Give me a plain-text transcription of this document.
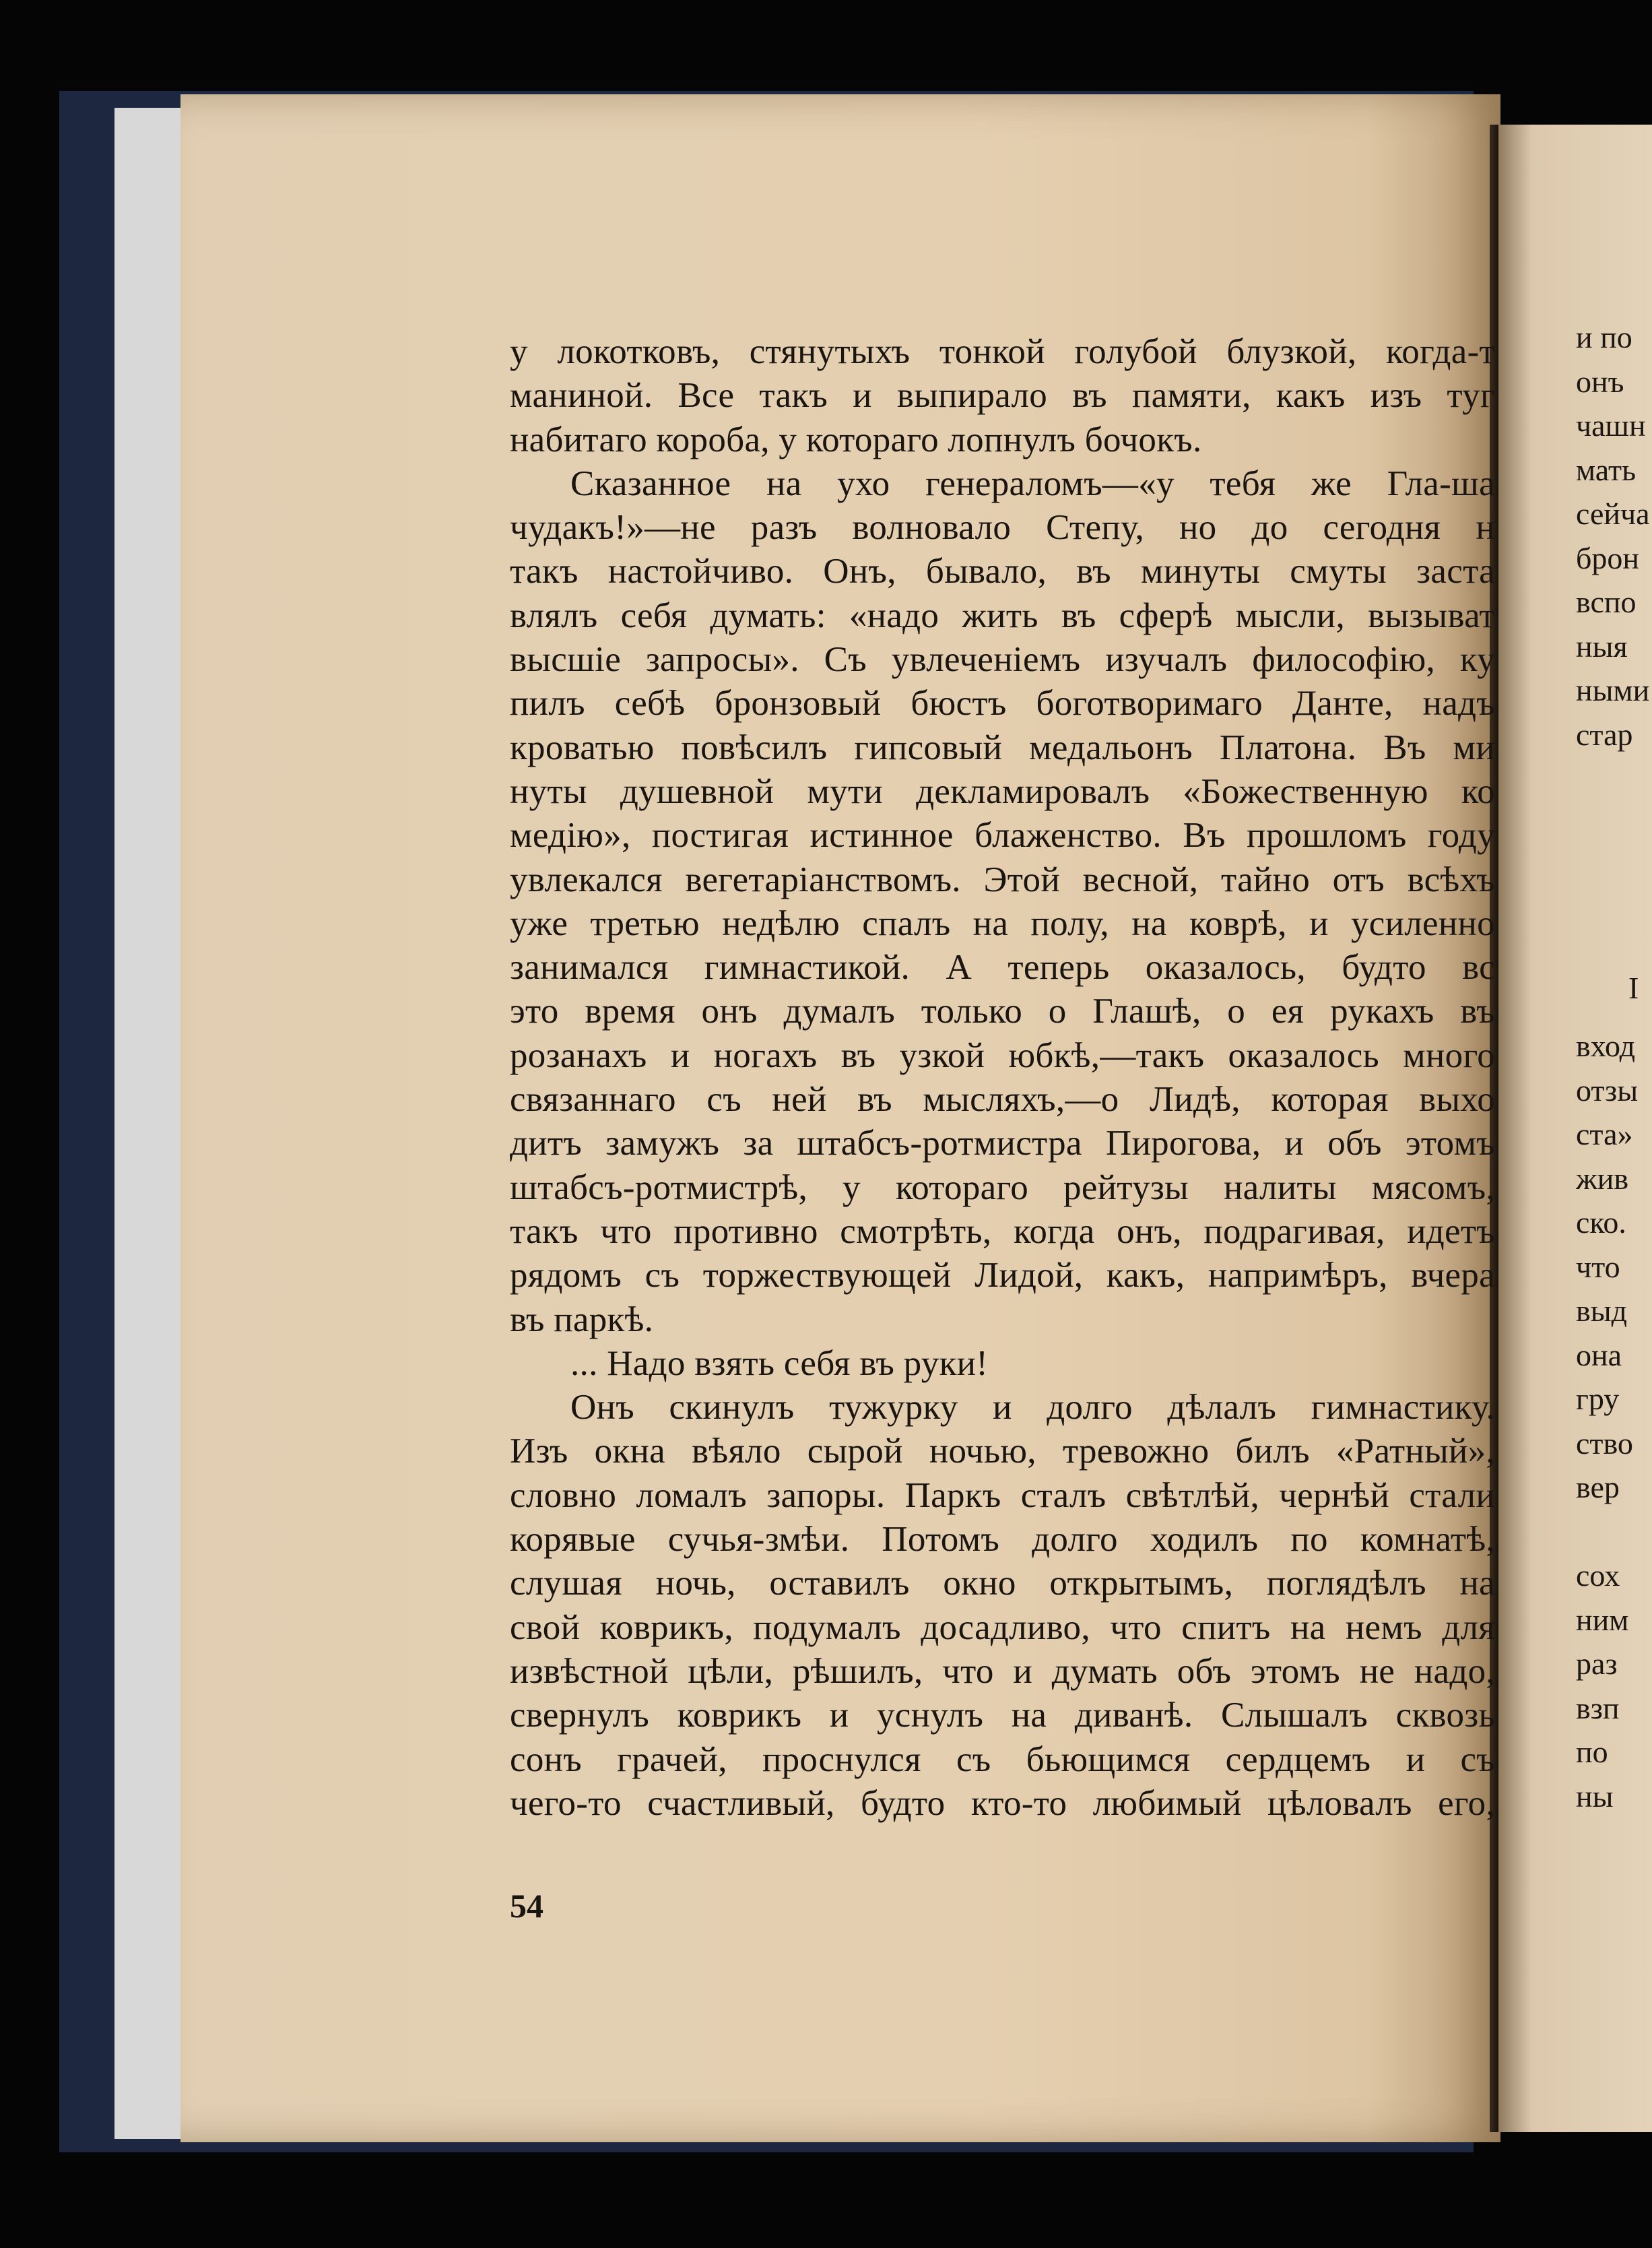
у локотковъ, стянутыхъ тонкой голубой блузкой, когда-т
маниной. Все такъ и выпирало въ памяти, какъ изъ туг
набитаго короба, у котораго лопнулъ бочокъ.
Сказанное на ухо генераломъ—«у тебя же Гла-ша
чудакъ!»—не разъ волновало Степу, но до сегодня н
такъ настойчиво. Онъ, бывало, въ минуты смуты заста
влялъ себя думать: «надо жить въ сферѣ мысли, вызыват
высшіе запросы». Съ увлеченіемъ изучалъ философію, ку
пилъ себѣ бронзовый бюстъ боготворимаго Данте, надъ
кроватью повѣсилъ гипсовый медальонъ Платона. Въ ми
нуты душевной мути декламировалъ «Божественную ко
медію», постигая истинное блаженство. Въ прошломъ году
увлекался вегетаріанствомъ. Этой весной, тайно отъ всѣхъ
уже третью недѣлю спалъ на полу, на коврѣ, и усиленно
занимался гимнастикой. А теперь оказалось, будто вс
это время онъ думалъ только о Глашѣ, о ея рукахъ въ
розанахъ и ногахъ въ узкой юбкѣ,—такъ оказалось много
связаннаго съ ней въ мысляхъ,—о Лидѣ, которая выхо
дитъ замужъ за штабсъ-ротмистра Пирогова, и объ этомъ
штабсъ-ротмистрѣ, у котораго рейтузы налиты мясомъ,
такъ что противно смотрѣть, когда онъ, подрагивая, идетъ
рядомъ съ торжествующей Лидой, какъ, напримѣръ, вчера
въ паркѣ.
... Надо взять себя въ руки!
Онъ скинулъ тужурку и долго дѣлалъ гимнастику.
Изъ окна вѣяло сырой ночью, тревожно билъ «Ратный»,
словно ломалъ запоры. Паркъ сталъ свѣтлѣй, чернѣй стали
корявые сучья-змѣи. Потомъ долго ходилъ по комнатѣ,
слушая ночь, оставилъ окно открытымъ, поглядѣлъ на
свой коврикъ, подумалъ досадливо, что спитъ на немъ для
извѣстной цѣли, рѣшилъ, что и думать объ этомъ не надо,
свернулъ коврикъ и уснулъ на диванѣ. Слышалъ сквозь
сонъ грачей, проснулся съ бьющимся сердцемъ и съ
чего-то счастливый, будто кто-то любимый цѣловалъ его,
54
и по
онъ
чашн
мать
сейча
брон
вспо
ныя
ными
стар
I
вход
отзы
ста»
жив
ско.
что
выд
она
гру
ство
вер
сох
ним
раз
взп
по
ны
